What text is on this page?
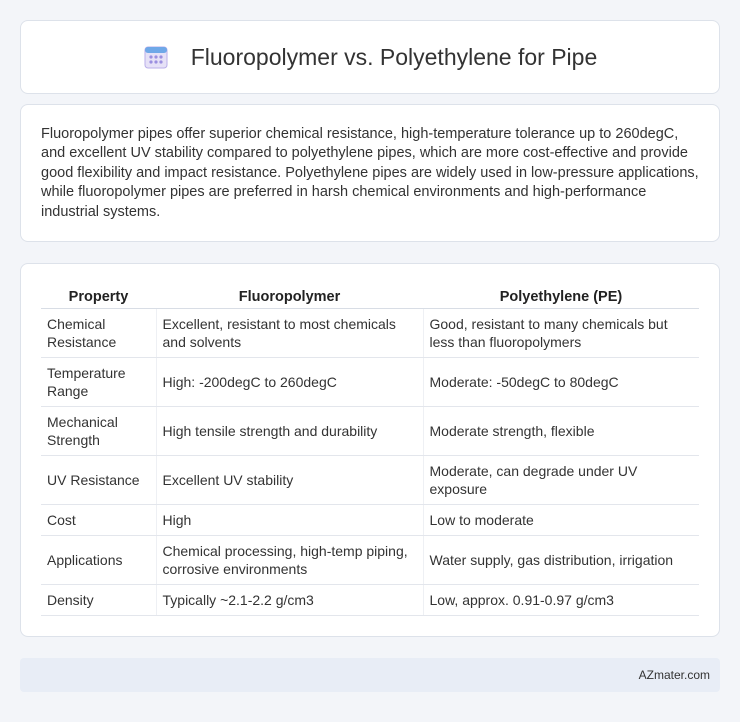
Fluoropolymer vs. Polyethylene for Pipe

Fluoropolymer pipes offer superior chemical resistance, high-temperature tolerance up to 260degC, and excellent UV stability compared to polyethylene pipes, which are more cost-effective and provide good flexibility and impact resistance. Polyethylene pipes are widely used in low-pressure applications, while fluoropolymer pipes are preferred in harsh chemical environments and high-performance industrial systems.

Property	Fluoropolymer	Polyethylene (PE)
Chemical Resistance	Excellent, resistant to most chemicals and solvents	Good, resistant to many chemicals but less than fluoropolymers
Temperature Range	High: -200degC to 260degC	Moderate: -50degC to 80degC
Mechanical Strength	High tensile strength and durability	Moderate strength, flexible
UV Resistance	Excellent UV stability	Moderate, can degrade under UV exposure
Cost	High	Low to moderate
Applications	Chemical processing, high-temp piping, corrosive environments	Water supply, gas distribution, irrigation
Density	Typically ~2.1-2.2 g/cm3	Low, approx. 0.91-0.97 g/cm3
AZmater.com
